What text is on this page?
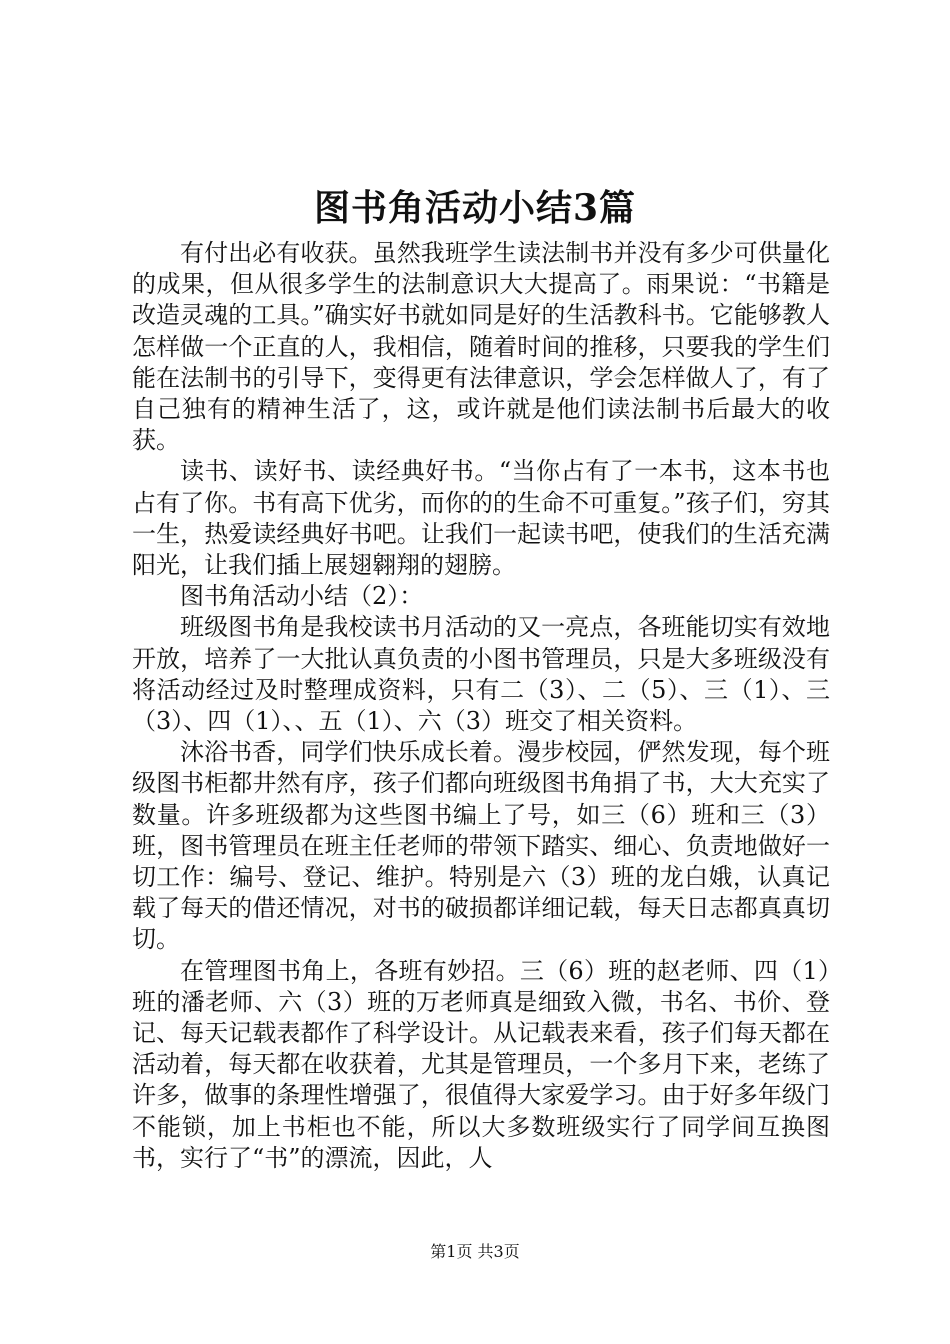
图书角活动小结3篇

有付出必有收获。虽然我班学生读法制书并没有多少可供量化的成果，但从很多学生的法制意识大大提高了。雨果说：“书籍是改造灵魂的工具。”确实好书就如同是好的生活教科书。它能够教人怎样做一个正直的人，我相信，随着时间的推移，只要我的学生们能在法制书的引导下，变得更有法律意识，学会怎样做人了，有了自己独有的精神生活了，这，或许就是他们读法制书后最大的收获。

读书、读好书、读经典好书。“当你占有了一本书，这本书也占有了你。书有高下优劣，而你的的生命不可重复。”孩子们，穷其一生，热爱读经典好书吧。让我们一起读书吧，使我们的生活充满阳光，让我们插上展翅翱翔的翅膀。

图书角活动小结（2）：

班级图书角是我校读书月活动的又一亮点，各班能切实有效地开放，培养了一大批认真负责的小图书管理员，只是大多班级没有将活动经过及时整理成资料，只有二（3）、二（5）、三（1）、三（3）、四（1）、、五（1）、六（3）班交了相关资料。

沐浴书香，同学们快乐成长着。漫步校园，俨然发现，每个班级图书柜都井然有序，孩子们都向班级图书角捐了书，大大充实了数量。许多班级都为这些图书编上了号，如三（6）班和三（3）班，图书管理员在班主任老师的带领下踏实、细心、负责地做好一切工作：编号、登记、维护。特别是六（3）班的龙白娥，认真记载了每天的借还情况，对书的破损都详细记载，每天日志都真真切切。

在管理图书角上，各班有妙招。三（6）班的赵老师、四（1）班的潘老师、六（3）班的万老师真是细致入微，书名、书价、登记、每天记载表都作了科学设计。从记载表来看，孩子们每天都在活动着，每天都在收获着，尤其是管理员，一个多月下来，老练了许多，做事的条理性增强了，很值得大家爱学习。由于好多年级门不能锁，加上书柜也不能，所以大多数班级实行了同学间互换图书，实行了“书”的漂流，因此，人

第1页 共3页
